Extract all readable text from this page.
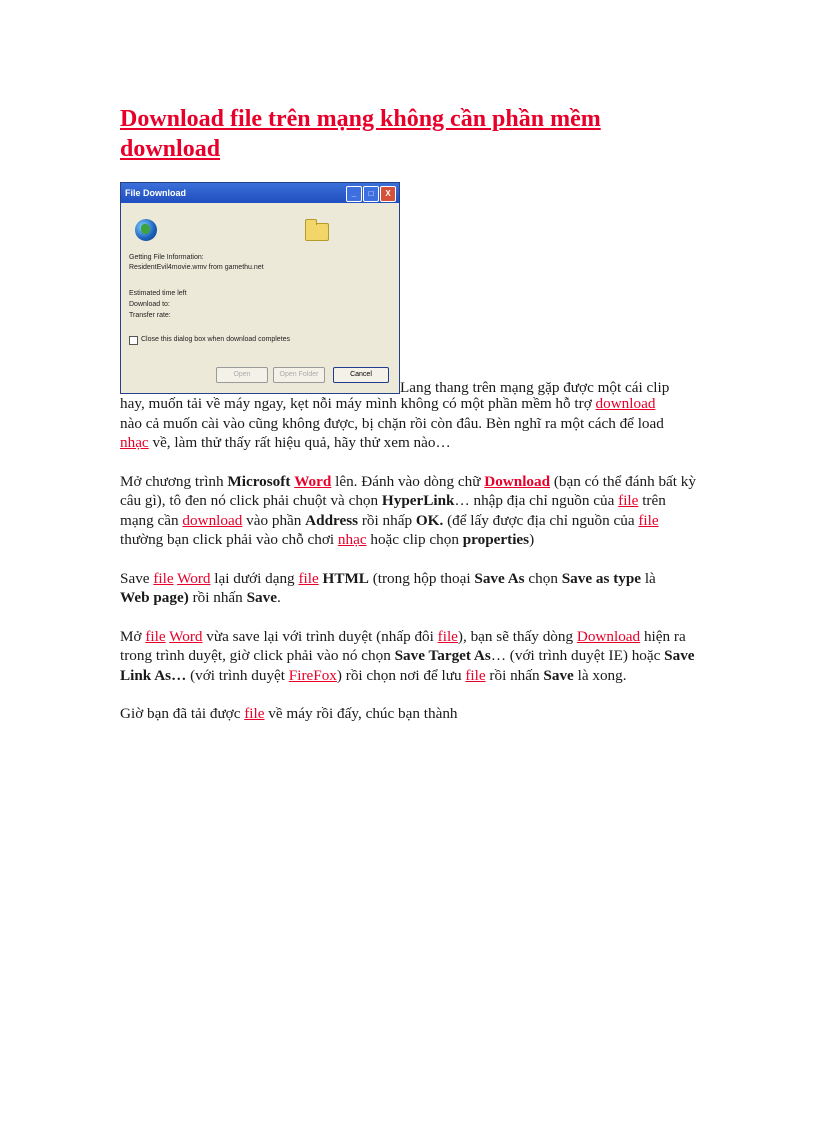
Download file trên mạng không cần phần mềm download
File Download	_	□	X
Getting File Information:
ResidentEvil4movie.wmv from gamethu.net
Estimated time left
Download to:
Transfer rate:
Close this dialog box when download completes
Open	Open Folder	Cancel
Lang thang trên mạng gặp được một cái clip

hay, muốn tải về máy ngay, kẹt nỗi máy mình không có một phần mềm hỗ trợ download
nào cả muốn cài vào cũng không được, bị chặn rồi còn đâu. Bèn nghĩ ra một cách để load nhạc về, làm thử thấy rất hiệu quả, hãy thử xem nào…

Mở chương trình Microsoft Word lên. Đánh vào dòng chữ Download (bạn có thể đánh bất kỳ câu gì), tô đen nó click phải chuột và chọn HyperLink… nhập địa chỉ nguồn của file trên mạng cần download vào phần Address rồi nhấp OK. (để lấy được địa chỉ nguồn của file thường bạn click phải vào chỗ chơi nhạc hoặc clip chọn properties)

Save file Word lại dưới dạng file HTML (trong hộp thoại Save As chọn Save as type là
Web page) rồi nhấn Save.

Mở file Word vừa save lại với trình duyệt (nhấp đôi file), bạn sẽ thấy dòng Download hiện ra trong trình duyệt, giờ click phải vào nó chọn Save Target As… (với trình duyệt IE) hoặc Save Link As… (với trình duyệt FireFox) rồi chọn nơi để lưu file rồi nhấn Save là xong.

Giờ bạn đã tải được file về máy rồi đấy, chúc bạn thành
